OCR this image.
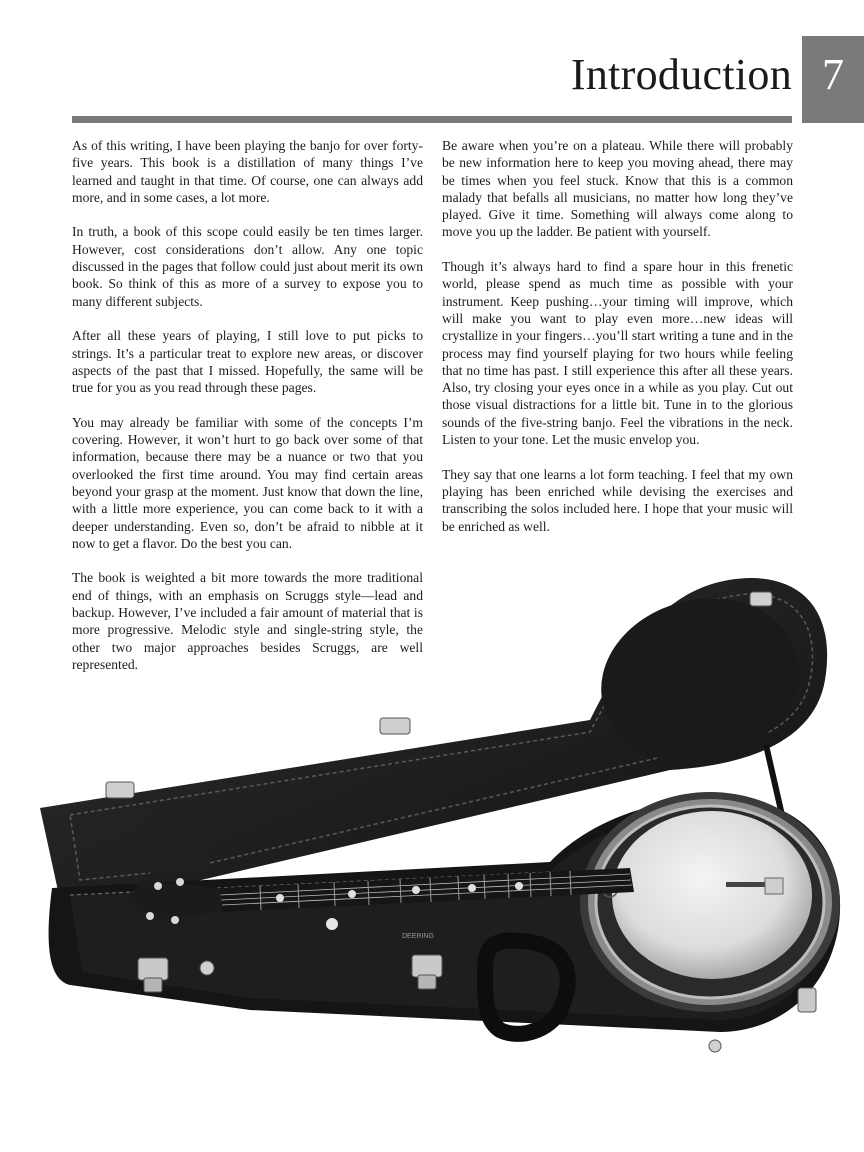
Introduction 7

As of this writing, I have been playing the banjo for over forty-five years. This book is a distillation of many things I’ve learned and taught in that time. Of course, one can always add more, and in some cases, a lot more.

In truth, a book of this scope could easily be ten times larger. However, cost considerations don’t allow. Any one topic discussed in the pages that follow could just about merit its own book. So think of this as more of a survey to expose you to many different subjects.

After all these years of playing, I still love to put picks to strings. It’s a particular treat to explore new areas, or discover aspects of the past that I missed. Hopefully, the same will be true for you as you read through these pages.

You may already be familiar with some of the concepts I’m covering. However, it won’t hurt to go back over some of that information, because there may be a nuance or two that you overlooked the first time around. You may find certain areas beyond your grasp at the moment. Just know that down the line, with a little more experience, you can come back to it with a deeper understanding. Even so, don’t be afraid to nibble at it now to get a flavor. Do the best you can.

The book is weighted a bit more towards the more traditional end of things, with an emphasis on Scruggs style—lead and backup. However, I’ve included a fair amount of material that is more progressive. Melodic style and single-string style, the other two major approaches besides Scruggs, are well represented.

Be aware when you’re on a plateau. While there will probably be new information here to keep you moving ahead, there may be times when you feel stuck. Know that this is a common malady that befalls all musicians, no matter how long they’ve played. Give it time. Something will always come along to move you up the ladder. Be patient with yourself.

Though it’s always hard to find a spare hour in this frenetic world, please spend as much time as possible with your instrument. Keep pushing…your timing will improve, which will make you want to play even more…new ideas will crystallize in your fingers…you’ll start writing a tune and in the process may find yourself playing for two hours while feeling that no time has past. I still experience this after all these years. Also, try closing your eyes once in a while as you play. Cut out those visual distractions for a little bit. Tune in to the glorious sounds of the five-string banjo. Feel the vibrations in the neck. Listen to your tone. Let the music envelop you.

They say that one learns a lot form teaching. I feel that my own playing has been enriched while devising the exercises and transcribing the solos included here. I hope that your music will be enriched as well.

DEERING
